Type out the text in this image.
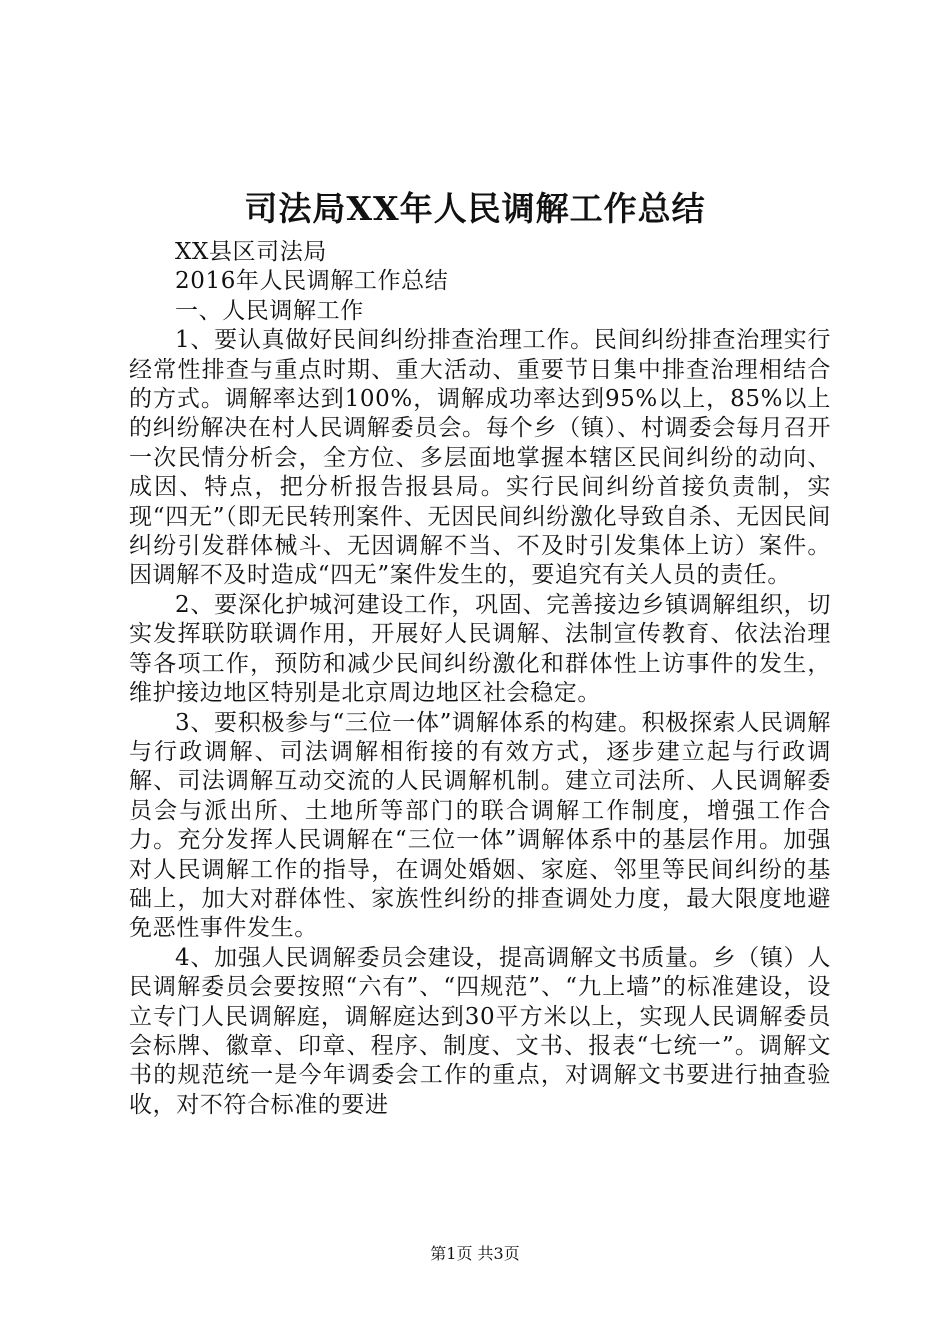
司法局XX年人民调解工作总结

XX县区司法局

2016年人民调解工作总结

一、人民调解工作

1、要认真做好民间纠纷排查治理工作。民间纠纷排查治理实行经常性排查与重点时期、重大活动、重要节日集中排查治理相结合的方式。调解率达到100%，调解成功率达到95%以上，85%以上的纠纷解决在村人民调解委员会。每个乡（镇）、村调委会每月召开一次民情分析会，全方位、多层面地掌握本辖区民间纠纷的动向、成因、特点，把分析报告报县局。实行民间纠纷首接负责制，实现“四无”（即无民转刑案件、无因民间纠纷激化导致自杀、无因民间纠纷引发群体械斗、无因调解不当、不及时引发集体上访）案件。因调解不及时造成“四无”案件发生的，要追究有关人员的责任。

2、要深化护城河建设工作，巩固、完善接边乡镇调解组织，切实发挥联防联调作用，开展好人民调解、法制宣传教育、依法治理等各项工作，预防和减少民间纠纷激化和群体性上访事件的发生，维护接边地区特别是北京周边地区社会稳定。

3、要积极参与“三位一体”调解体系的构建。积极探索人民调解与行政调解、司法调解相衔接的有效方式，逐步建立起与行政调解、司法调解互动交流的人民调解机制。建立司法所、人民调解委员会与派出所、土地所等部门的联合调解工作制度，增强工作合力。充分发挥人民调解在“三位一体”调解体系中的基层作用。加强对人民调解工作的指导，在调处婚姻、家庭、邻里等民间纠纷的基础上，加大对群体性、家族性纠纷的排查调处力度，最大限度地避免恶性事件发生。

4、加强人民调解委员会建设，提高调解文书质量。乡（镇）人民调解委员会要按照“六有”、“四规范”、“九上墙”的标准建设，设立专门人民调解庭，调解庭达到30平方米以上，实现人民调解委员会标牌、徽章、印章、程序、制度、文书、报表“七统一”。调解文书的规范统一是今年调委会工作的重点，对调解文书要进行抽查验收，对不符合标准的要进

第1页 共3页
